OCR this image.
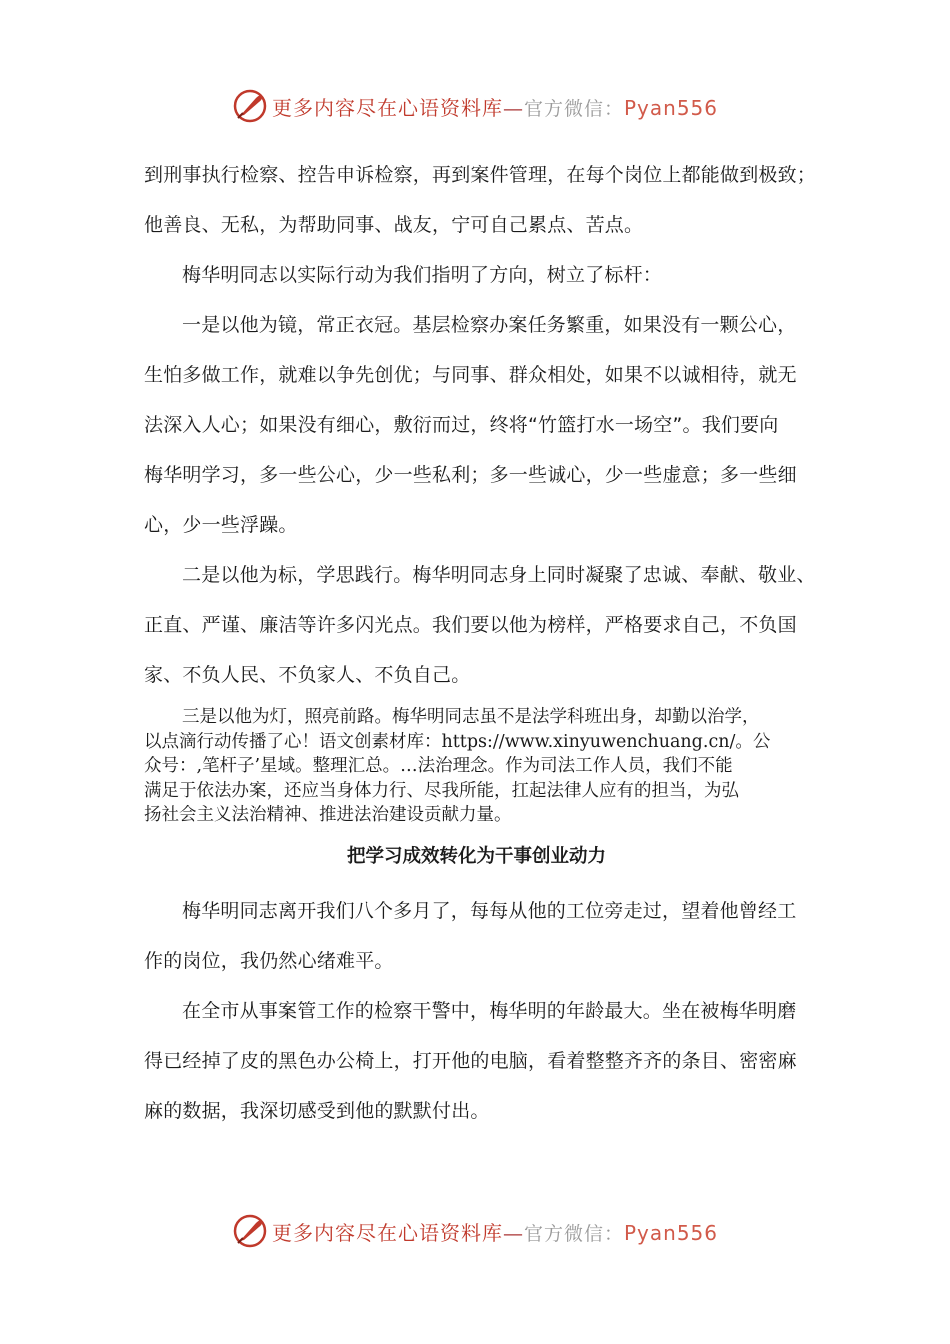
更多内容尽在心语资料库—官方微信：Pyan556

到刑事执行检察、控告申诉检察，再到案件管理，在每个岗位上都能做到极致；

他善良、无私，为帮助同事、战友，宁可自己累点、苦点。

梅华明同志以实际行动为我们指明了方向，树立了标杆：

一是以他为镜，常正衣冠。基层检察办案任务繁重，如果没有一颗公心，

生怕多做工作，就难以争先创优；与同事、群众相处，如果不以诚相待，就无

法深入人心；如果没有细心，敷衍而过，终将“竹篮打水一场空”。我们要向

梅华明学习，多一些公心，少一些私利；多一些诚心，少一些虚意；多一些细

心，少一些浮躁。

二是以他为标，学思践行。梅华明同志身上同时凝聚了忠诚、奉献、敬业、

正直、严谨、廉洁等许多闪光点。我们要以他为榜样，严格要求自己，不负国

家、不负人民、不负家人、不负自己。

三是以他为灯，照亮前路。梅华明同志虽不是法学科班出身，却勤以治学，
以点滴行动传播了心！语文创素材库：https://www.xinyuwenchuang.cn/。公
众号：,笔杆子’星域。整理汇总。…法治理念。作为司法工作人员，我们不能
满足于依法办案，还应当身体力行、尽我所能，扛起法律人应有的担当，为弘
扬社会主义法治精神、推进法治建设贡献力量。
把学习成效转化为干事创业动力

梅华明同志离开我们八个多月了，每每从他的工位旁走过，望着他曾经工

作的岗位，我仍然心绪难平。

在全市从事案管工作的检察干警中，梅华明的年龄最大。坐在被梅华明磨

得已经掉了皮的黑色办公椅上，打开他的电脑，看着整整齐齐的条目、密密麻

麻的数据，我深切感受到他的默默付出。

更多内容尽在心语资料库—官方微信：Pyan556
